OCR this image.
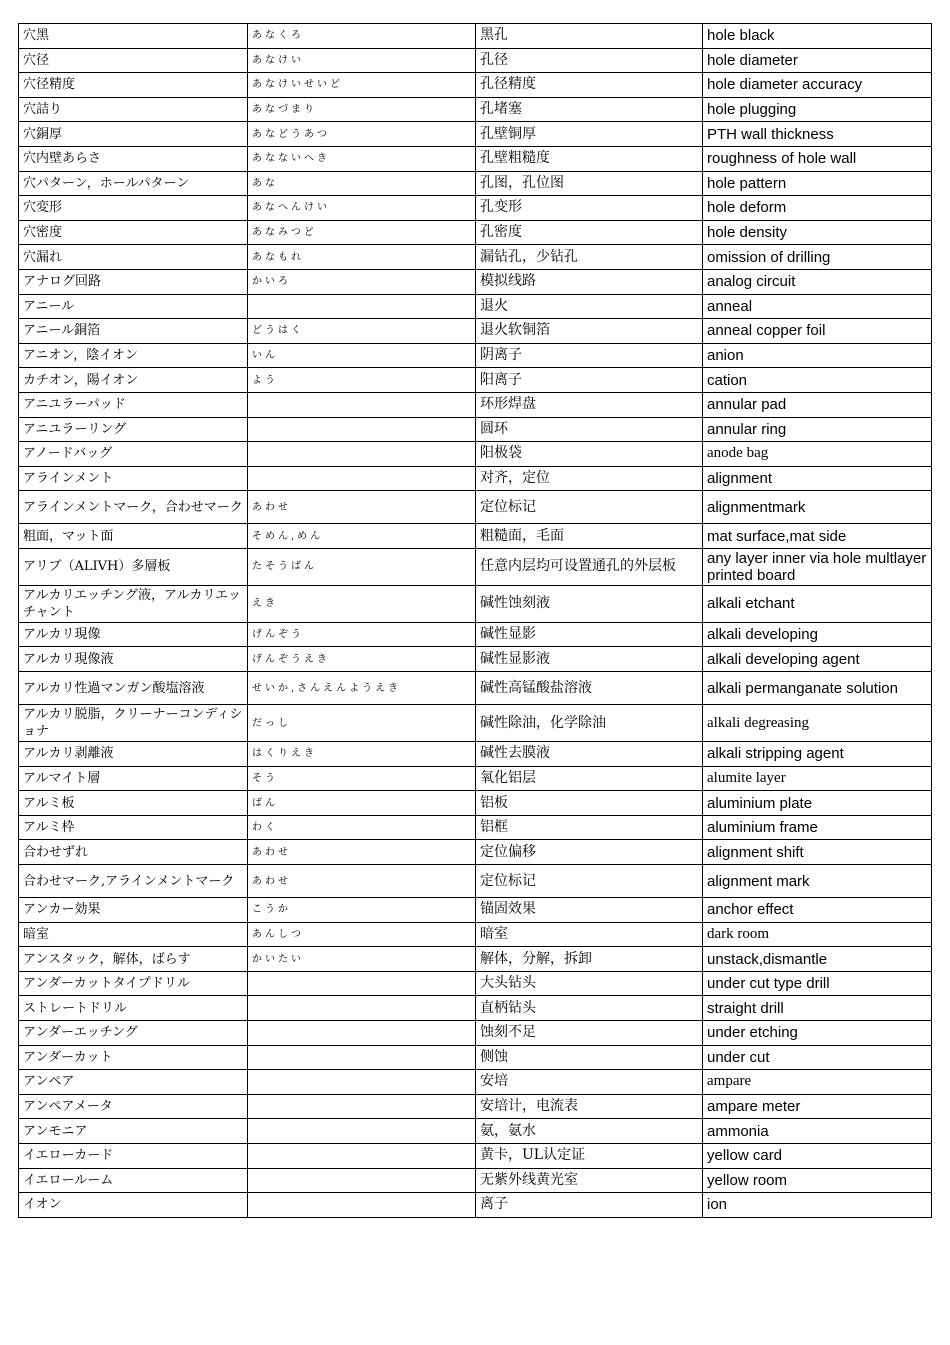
穴黑	あなくろ	黑孔	hole black
穴径	あなけい	孔径	hole diameter
穴径精度	あなけいせいど	孔径精度	hole diameter accuracy
穴詰り	あなづまり	孔堵塞	hole plugging
穴銅厚	あなどうあつ	孔壁铜厚	PTH wall thickness
穴内壁あらさ	あなないへき	孔壁粗糙度	roughness of hole wall
穴パターン，ホールパターン	あな	孔图，孔位图	hole pattern
穴変形	あなへんけい	孔变形	hole deform
穴密度	あなみつど	孔密度	hole density
穴漏れ	あなもれ	漏钻孔，少钻孔	omission of drilling
アナログ回路	かいろ	模拟线路	analog circuit
アニール		退火	anneal
アニール銅箔	どうはく	退火软铜箔	anneal copper foil
アニオン，陰イオン	いん	阴离子	anion
カチオン，陽イオン	よう	阳离子	cation
アニユラーパッド		环形焊盘	annular pad
アニユラーリング		圆环	annular ring
アノードバッグ		阳极袋	anode bag
アラインメント		对齐，定位	alignment
アラインメントマーク，合わせマーク	あわせ	定位标记	alignmentmark
粗面，マット面	そめん,めん	粗糙面，毛面	mat surface,mat side
アリブ（ALIVH）多層板	たそうばん	任意内层均可设置通孔的外层板	any layer inner via hole multlayer printed board
アルカリエッチング液，アルカリエッチャント	えき	碱性蚀刻液	alkali etchant
アルカリ現像	げんぞう	碱性显影	alkali developing
アルカリ現像液	げんぞうえき	碱性显影液	alkali developing agent
アルカリ性過マンガン酸塩溶液	せいか,さんえんようえき	碱性高锰酸盐溶液	alkali permanganate solution
アルカリ脱脂，クリーナーコンディショナ	だっし	碱性除油，化学除油	alkali degreasing
アルカリ剥離液	はくりえき	碱性去膜液	alkali stripping agent
アルマイト層	そう	氧化铝层	alumite layer
アルミ板	ばん	铝板	aluminium plate
アルミ枠	わく	铝框	aluminium frame
合わせずれ	あわせ	定位偏移	alignment shift
合わせマーク,アラインメントマーク	あわせ	定位标记	alignment mark
アンカー効果	こうか	锚固效果	anchor effect
暗室	あんしつ	暗室	dark room
アンスタック，解体，ばらす	かいたい	解体，分解，拆卸	unstack,dismantle
アンダーカットタイプドリル		大头钻头	under cut type drill
ストレートドリル		直柄钻头	straight drill
アンダーエッチング		蚀刻不足	under etching
アンダーカット		侧蚀	under cut
アンペア		安培	ampare
アンペアメータ		安培计，电流表	ampare meter
アンモニア		氨，氨水	ammonia
イエローカード		黄卡，UL认定证	yellow card
イエロールーム		无紫外线黄光室	yellow room
イオン		离子	ion
